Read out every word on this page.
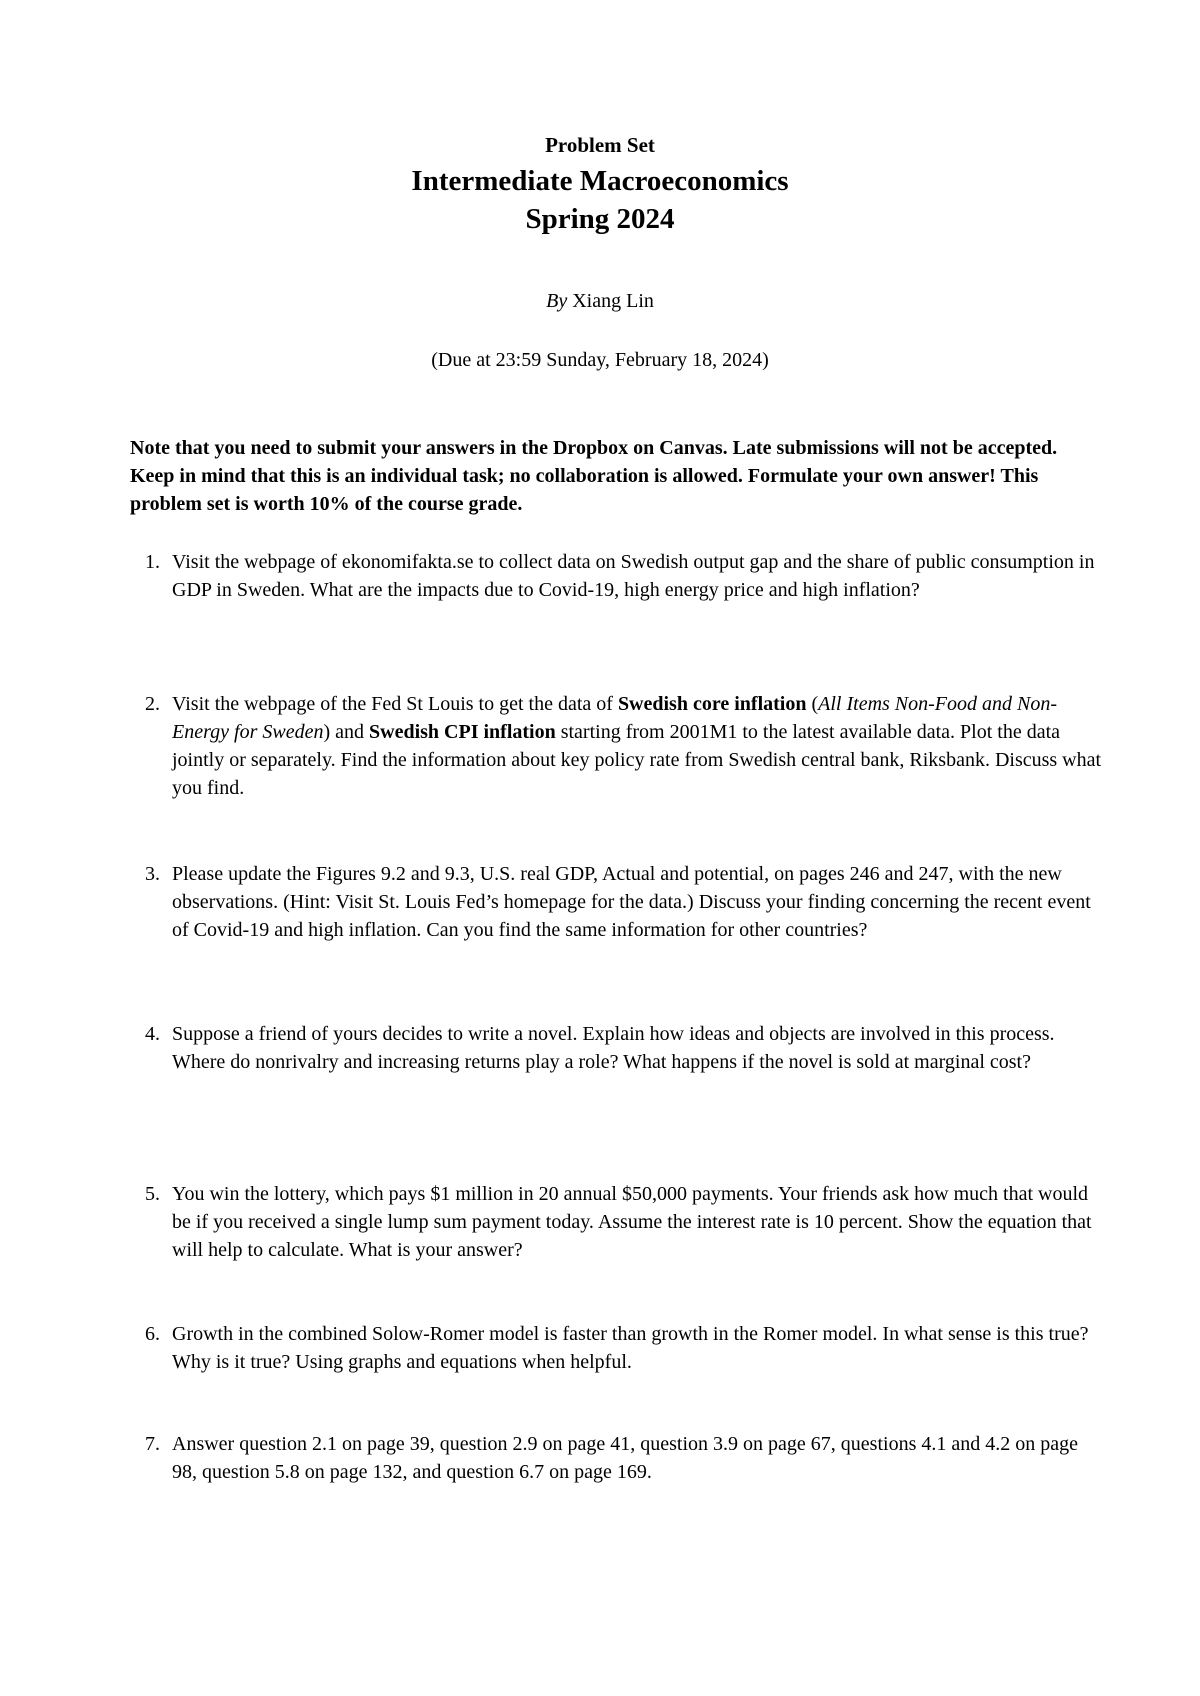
Problem Set
Intermediate Macroeconomics
Spring 2024
By Xiang Lin
(Due at 23:59 Sunday, February 18, 2024)
Note that you need to submit your answers in the Dropbox on Canvas. Late submissions will not be accepted. Keep in mind that this is an individual task; no collaboration is allowed. Formulate your own answer! This problem set is worth 10% of the course grade.
1. Visit the webpage of ekonomifakta.se to collect data on Swedish output gap and the share of public consumption in GDP in Sweden. What are the impacts due to Covid-19, high energy price and high inflation?
2. Visit the webpage of the Fed St Louis to get the data of Swedish core inflation (All Items Non-Food and Non-Energy for Sweden) and Swedish CPI inflation starting from 2001M1 to the latest available data. Plot the data jointly or separately. Find the information about key policy rate from Swedish central bank, Riksbank. Discuss what you find.
3. Please update the Figures 9.2 and 9.3, U.S. real GDP, Actual and potential, on pages 246 and 247, with the new observations. (Hint: Visit St. Louis Fed’s homepage for the data.) Discuss your finding concerning the recent event of Covid-19 and high inflation. Can you find the same information for other countries?
4. Suppose a friend of yours decides to write a novel. Explain how ideas and objects are involved in this process. Where do nonrivalry and increasing returns play a role? What happens if the novel is sold at marginal cost?
5. You win the lottery, which pays $1 million in 20 annual $50,000 payments. Your friends ask how much that would be if you received a single lump sum payment today. Assume the interest rate is 10 percent. Show the equation that will help to calculate. What is your answer?
6. Growth in the combined Solow-Romer model is faster than growth in the Romer model. In what sense is this true? Why is it true? Using graphs and equations when helpful.
7. Answer question 2.1 on page 39, question 2.9 on page 41, question 3.9 on page 67, questions 4.1 and 4.2 on page 98, question 5.8 on page 132, and question 6.7 on page 169.
